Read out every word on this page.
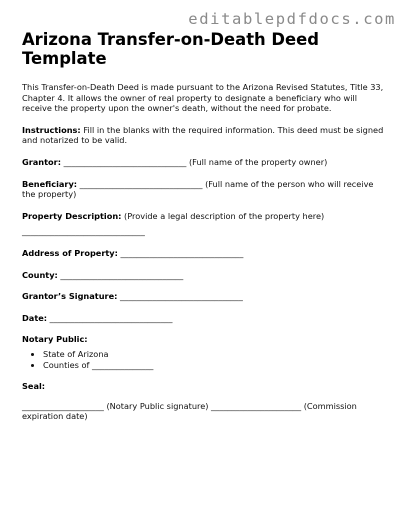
editablepdfdocs.com
Arizona Transfer-on-Death Deed Template

This Transfer-on-Death Deed is made pursuant to the Arizona Revised Statutes, Title 33, Chapter 4. It allows the owner of real property to designate a beneficiary who will receive the property upon the owner's death, without the need for probate.

Instructions: Fill in the blanks with the required information. This deed must be signed and notarized to be valid.

Grantor: ______________________________ (Full name of the property owner)

Beneficiary: ______________________________ (Full name of the person who will receive the property)

Property Description: (Provide a legal description of the property here)

______________________________

Address of Property: ______________________________

County: ______________________________

Grantor’s Signature: ______________________________

Date: ______________________________

Notary Public:

• State of Arizona
• Counties of _______________

Seal:

____________________ (Notary Public signature) ______________________ (Commission expiration date)
